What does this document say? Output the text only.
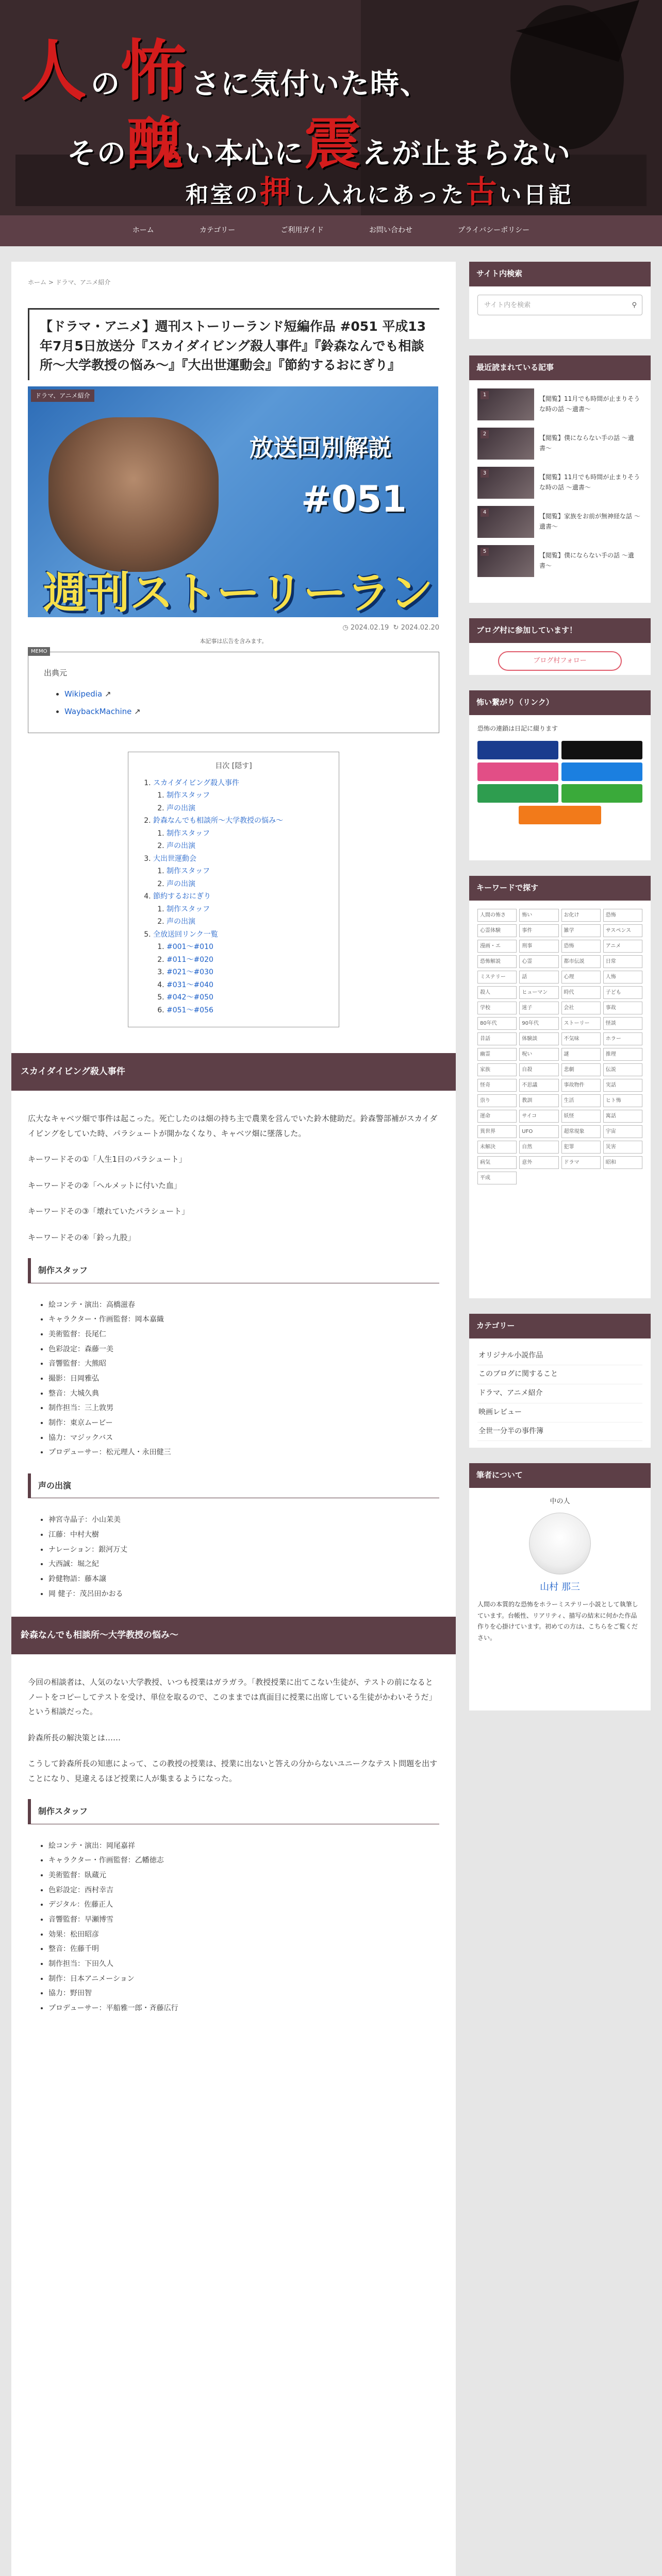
人の怖さに気付いた時、
その醜い本心に震えが止まらない
和室の押し入れにあった古い日記
ホーム	カテゴリー	ご利用ガイド	お問い合わせ	プライバシーポリシー
ホーム > ドラマ、アニメ紹介
【ドラマ・アニメ】週刊ストーリーランド短編作品 #051 平成13年7月5日放送分『スカイダイビング殺人事件』『鈴森なんでも相談所〜大学教授の悩み〜』『大出世運動会』『節約するおにぎり』
ドラマ、アニメ紹介
放送回別解説
#051
週刊ストーリーラン
◷ 2024.02.19 ↻ 2024.02.20
本記事は広告を含みます。
MEMO
出典元
• Wikipedia ↗
• WaybackMachine ↗
目次 [隠す]
1. スカイダイビング殺人事件
1. 制作スタッフ
2. 声の出演
2. 鈴森なんでも相談所〜大学教授の悩み〜
1. 制作スタッフ
2. 声の出演
3. 大出世運動会
1. 制作スタッフ
2. 声の出演
4. 節約するおにぎり
1. 制作スタッフ
2. 声の出演
5. 全放送回リンク一覧
1. #001〜#010
2. #011〜#020
3. #021〜#030
4. #031〜#040
5. #042〜#050
6. #051〜#056
スカイダイビング殺人事件
広大なキャベツ畑で事件は起こった。死亡したのは畑の持ち主で農業を営んでいた鈴木健助だ。鈴森警部補がスカイダイビングをしていた時、パラシュートが開かなくなり、キャベツ畑に墜落した。
キーワードその①「人生1日のパラシュート」
キーワードその②「ヘルメットに付いた血」
キーワードその③「壊れていたパラシュート」
キーワードその④「鈴っ九股」
制作スタッフ
• 絵コンテ・演出：高橋滋春
• キャラクター・作画監督：岡本嘉織
• 美術監督：長尾仁
• 色彩設定：森藤一美
• 音響監督：大熊昭
• 撮影：日岡雅弘
• 整音：大城久典
• 制作担当：三上敦男
• 制作：東京ムービー
• 協力：マジックバス
• プロデューサー：松元理人・永田健三
声の出演
• 神宮寺晶子：小山茉美
• 江藤：中村大樹
• ナレーション：銀河万丈
• 大西誠：堀之紀
• 鈴健物語：藤本譲
• 岡 健子：茂呂田かおる
鈴森なんでも相談所〜大学教授の悩み〜
今回の相談者は、人気のない大学教授、いつも授業はガラガラ。「教授授業に出てこない生徒が、テストの前になるとノートをコピーしてテストを受け、単位を取るので、このままでは真面目に授業に出席している生徒がかわいそうだ」という相談だった。
鈴森所長の解決策とは……
こうして鈴森所長の知恵によって、この教授の授業は、授業に出ないと答えの分からないユニークなテスト問題を出すことになり、見違えるほど授業に人が集まるようになった。
制作スタッフ
• 絵コンテ・演出：岡尾嘉祥
• キャラクター・作画監督：乙幡徳志
• 美術監督：臥蔵元
• 色彩設定：西村幸吉
• デジタル：佐藤正人
• 音響監督：早瀬博雪
• 効果：松田昭彦
• 整音：佐藤千明
• 制作担当：下田久人
• 制作：日本アニメーション
• 協力：野田智
• プロデューサー：平船雅一郎・斉藤広行
サイト内検索
サイト内を検索	⚲
最近読まれている記事
1
【閲覧】11月でも時間が止まりそうな時の話 〜遺書〜
2
【閲覧】僕にならない手の話 〜遺書〜
3
【閲覧】11月でも時間が止まりそうな時の話 〜遺書〜
4
【閲覧】家族をお前が無神経な話 〜遺書〜
5
【閲覧】僕にならない手の話 〜遺書〜
ブログ村に参加しています！
ブログ村フォロー
怖い繋がり（リンク）
恐怖の連鎖は日記に綴ります
キーワードで探す
人間の怖さ	怖い	お化け	恐怖
心霊体験	事件	雑学	サスペンス
漫画・エ	刑事	恐怖	アニメ
恐怖解説	心霊	都市伝説	日常
ミステリー	話	心理	人怖
殺人	ヒューマン	時代	子ども
学校	迷子	会社	事故
80年代	90年代	ストーリー	怪談
昔話	体験談	不気味	ホラー
幽霊	呪い	謎	推理
家族	自殺	悲劇	伝説
怪奇	不思議	事故物件	実話
祟り	教訓	生活	ヒト怖
運命	サイコ	妖怪	寓話
異世界	UFO	超常現象	宇宙
未解決	自然	犯罪	災害
病気	意外	ドラマ	昭和
平成
カテゴリー
オリジナル小説作品
このブログに関すること
ドラマ、アニメ紹介
映画レビュー
全世一分半の事件簿
筆者について
中の人
山村 那三
人間の本質的な恐怖をホラーミステリー小説として執筆しています。台帳性、リアリティ、描写の結末に何かた作品作りを心掛けています。初めての方は、こちらをご覧ください。
